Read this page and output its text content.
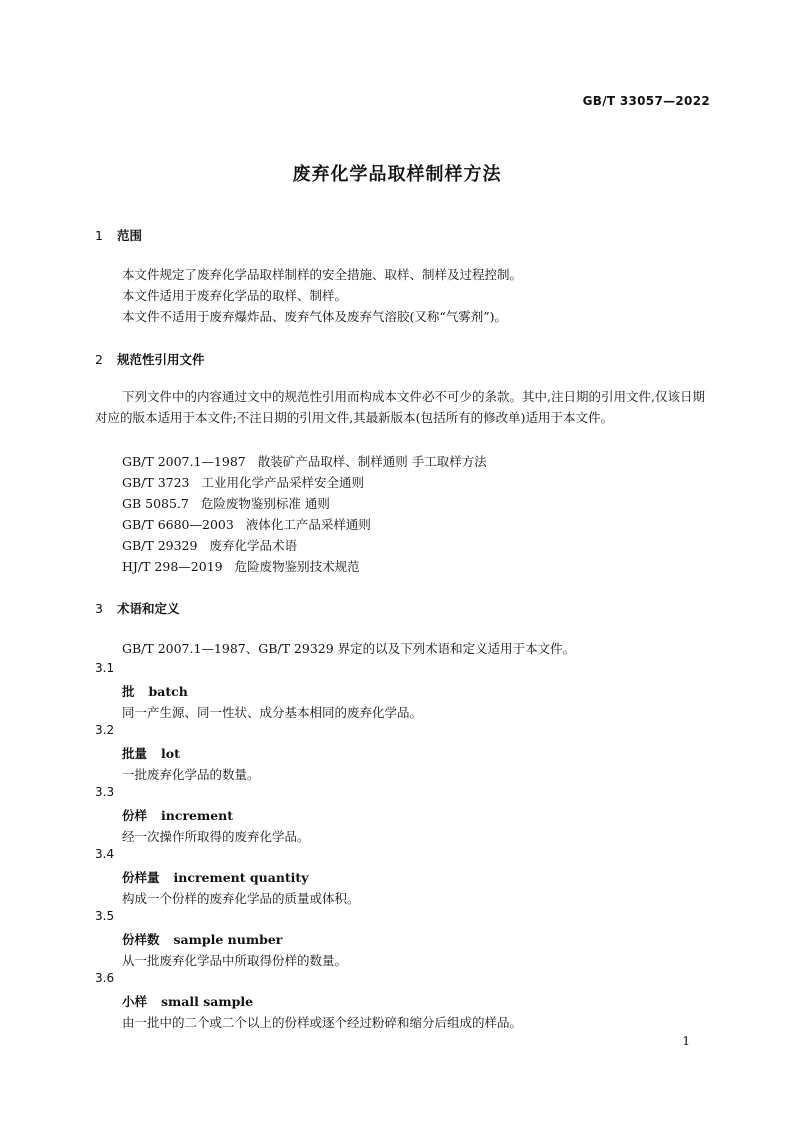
GB/T 33057—2022
废弃化学品取样制样方法
1 范围
本文件规定了废弃化学品取样制样的安全措施、取样、制样及过程控制。
本文件适用于废弃化学品的取样、制样。
本文件不适用于废弃爆炸品、废弃气体及废弃气溶胶(又称“气雾剂”)。
2 规范性引用文件
下列文件中的内容通过文中的规范性引用而构成本文件必不可少的条款。其中,注日期的引用文件,仅该日期对应的版本适用于本文件;不注日期的引用文件,其最新版本(包括所有的修改单)适用于本文件。
GB/T 2007.1—1987 散装矿产品取样、制样通则 手工取样方法
GB/T 3723 工业用化学产品采样安全通则
GB 5085.7 危险废物鉴别标准 通则
GB/T 6680—2003 液体化工产品采样通则
GB/T 29329 废弃化学品术语
HJ/T 298—2019 危险废物鉴别技术规范
3 术语和定义
GB/T 2007.1—1987、GB/T 29329 界定的以及下列术语和定义适用于本文件。
3.1
批 batch
同一产生源、同一性状、成分基本相同的废弃化学品。
3.2
批量 lot
一批废弃化学品的数量。
3.3
份样 increment
经一次操作所取得的废弃化学品。
3.4
份样量 increment quantity
构成一个份样的废弃化学品的质量或体积。
3.5
份样数 sample number
从一批废弃化学品中所取得份样的数量。
3.6
小样 small sample
由一批中的二个或二个以上的份样或逐个经过粉碎和缩分后组成的样品。
1
